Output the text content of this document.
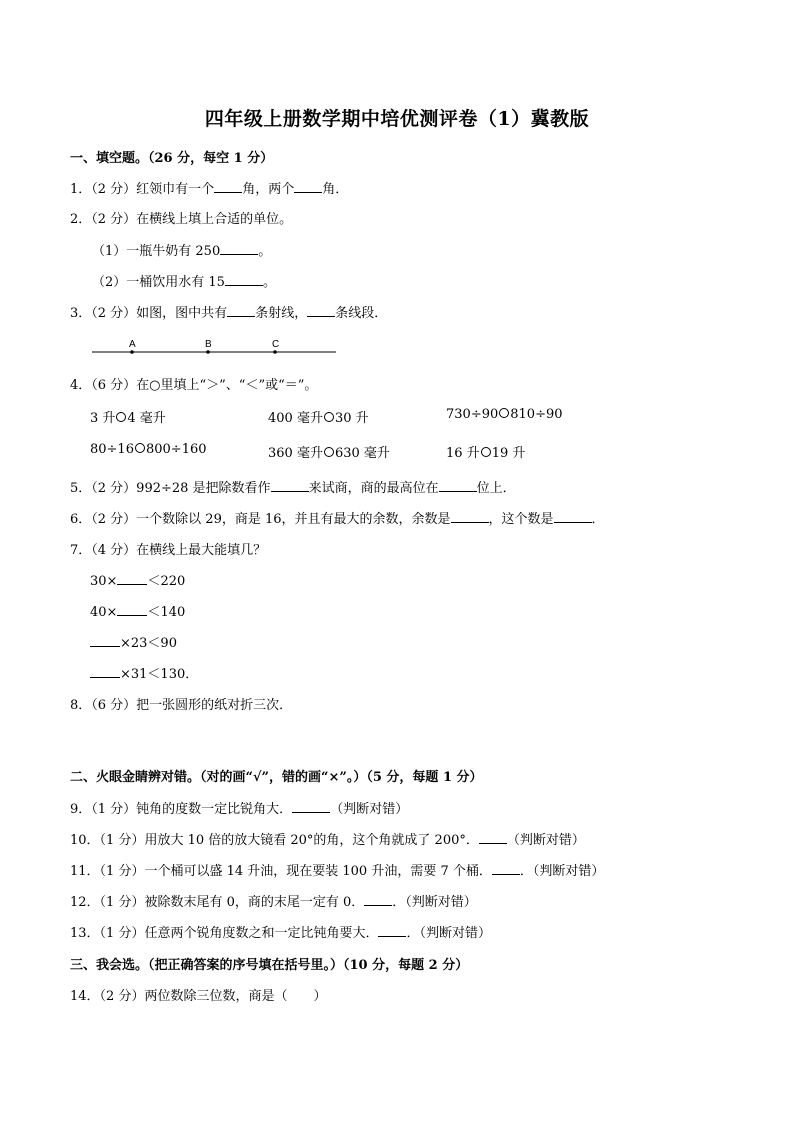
四年级上册数学期中培优测评卷（1）冀教版
一、填空题。（26 分，每空 1 分）
1．（2 分）红领巾有一个 角，两个 角．
2．（2 分）在横线上填上合适的单位。
（1）一瓶牛奶有 250	。
（2）一桶饮用水有 15	。
3．（2 分）如图，图中共有 条射线， 条线段．
A	B	C
4．（6 分）在○里填上“＞”、“＜”或“＝”。
3 升 4 毫升	400 毫升 30 升	730÷90 810÷90
80÷16 800÷160	360 毫升 630 毫升	16 升 19 升
5．（2 分）992÷28 是把除数看作	来试商，商的最高位在	位上．
6．（2 分）一个数除以 29，商是 16，并且有最大的余数，余数是	，这个数是	．
7．（4 分）在横线上最大能填几？
30× ＜220
40× ＜140
×23＜90
×31＜130．
8．（6 分）把一张圆形的纸对折三次．
二、火眼金睛辨对错。（对的画“√”，错的画“×”。）（5 分，每题 1 分）
9．（1 分）钝角的度数一定比锐角大．	（判断对错）
10．（1 分）用放大 10 倍的放大镜看 20°的角，这个角就成了 200°． （判断对错）
11．（1 分）一个桶可以盛 14 升油，现在要装 100 升油，需要 7 个桶． ．（判断对错）
12．（1 分）被除数末尾有 0，商的末尾一定有 0． ．（判断对错）
13．（1 分）任意两个锐角度数之和一定比钝角要大． ．（判断对错）
三、我会选。（把正确答案的序号填在括号里。）（10 分，每题 2 分）
14．（2 分）两位数除三位数，商是（　　）
